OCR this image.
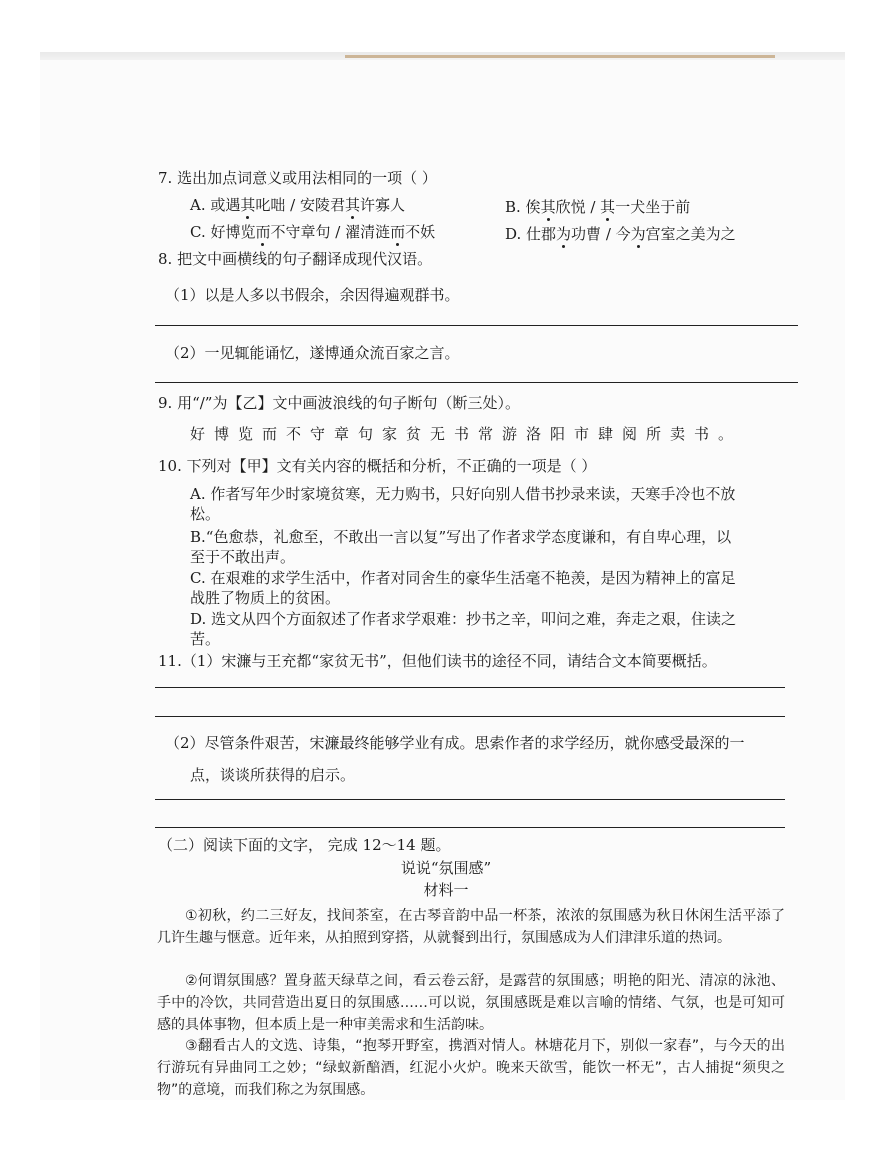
7. 选出加点词意义或用法相同的一项（ ）
A. 或遇其叱咄 / 安陵君其许寡人	B. 俟其欣悦 / 其一犬坐于前
C. 好博览而不守章句 / 濯清涟而不妖	D. 仕郡为功曹 / 今为宫室之美为之
8. 把文中画横线的句子翻译成现代汉语。
（1）以是人多以书假余，余因得遍观群书。
（2）一见辄能诵忆，遂博通众流百家之言。
9. 用“/”为【乙】文中画波浪线的句子断句（断三处）。
好博览而不守章句家贫无书常游洛阳市肆阅所卖书。
10. 下列对【甲】文有关内容的概括和分析，不正确的一项是（ ）
A. 作者写年少时家境贫寒，无力购书，只好向别人借书抄录来读，天寒手冷也不放
松。
B.“色愈恭，礼愈至，不敢出一言以复”写出了作者求学态度谦和，有自卑心理，以
至于不敢出声。
C. 在艰难的求学生活中，作者对同舍生的豪华生活毫不艳羡，是因为精神上的富足
战胜了物质上的贫困。
D. 选文从四个方面叙述了作者求学艰难：抄书之辛，叩问之难，奔走之艰，住读之
苦。
11.（1）宋濂与王充都“家贫无书”，但他们读书的途径不同，请结合文本简要概括。
（2）尽管条件艰苦，宋濂最终能够学业有成。思索作者的求学经历，就你感受最深的一
点，谈谈所获得的启示。
（二）阅读下面的文字， 完成 12～14 题。
说说“氛围感”
材料一
①初秋，约二三好友，找间茶室，在古琴音韵中品一杯茶，浓浓的氛围感为秋日休闲生活平添了几许生趣与惬意。近年来，从拍照到穿搭，从就餐到出行，氛围感成为人们津津乐道的热词。
②何谓氛围感？置身蓝天绿草之间，看云卷云舒，是露营的氛围感；明艳的阳光、清凉的泳池、手中的冷饮，共同营造出夏日的氛围感……可以说，氛围感既是难以言喻的情绪、气氛，也是可知可感的具体事物，但本质上是一种审美需求和生活韵味。
③翻看古人的文选、诗集，“抱琴开野室，携酒对情人。林塘花月下，别似一家春”，与今天的出行游玩有异曲同工之妙；“绿蚁新醅酒，红泥小火炉。晚来天欲雪，能饮一杯无”，古人捕捉“须臾之物”的意境，而我们称之为氛围感。
